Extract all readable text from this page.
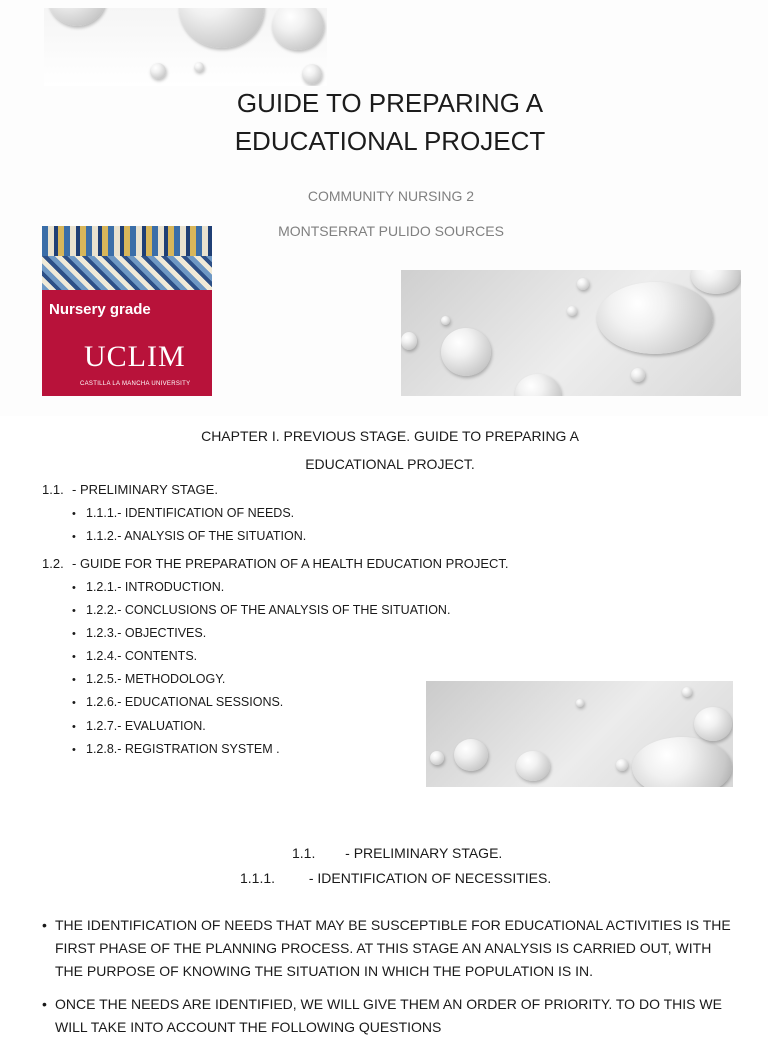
GUIDE TO PREPARING A
EDUCATIONAL PROJECT
COMMUNITY NURSING 2
MONTSERRAT PULIDO SOURCES
Nursery grade
UCLIM
CASTILLA LA MANCHA UNIVERSITY
CHAPTER I. PREVIOUS STAGE. GUIDE TO PREPARING A
EDUCATIONAL PROJECT.
1.1. - PRELIMINARY STAGE.
• 1.1.1.- IDENTIFICATION OF NEEDS.
• 1.1.2.- ANALYSIS OF THE SITUATION.
1.2. - GUIDE FOR THE PREPARATION OF A HEALTH EDUCATION PROJECT.
• 1.2.1.- INTRODUCTION.
• 1.2.2.- CONCLUSIONS OF THE ANALYSIS OF THE SITUATION.
• 1.2.3.- OBJECTIVES.
• 1.2.4.- CONTENTS.
• 1.2.5.- METHODOLOGY.
• 1.2.6.- EDUCATIONAL SESSIONS.
• 1.2.7.- EVALUATION.
• 1.2.8.- REGISTRATION SYSTEM .
1.1. - PRELIMINARY STAGE.
1.1.1. - IDENTIFICATION OF NECESSITIES.
• THE IDENTIFICATION OF NEEDS THAT MAY BE SUSCEPTIBLE FOR EDUCATIONAL ACTIVITIES IS THE FIRST PHASE OF THE PLANNING PROCESS. AT THIS STAGE AN ANALYSIS IS CARRIED OUT, WITH THE PURPOSE OF KNOWING THE SITUATION IN WHICH THE POPULATION IS IN.
• ONCE THE NEEDS ARE IDENTIFIED, WE WILL GIVE THEM AN ORDER OF PRIORITY. TO DO THIS WE WILL TAKE INTO ACCOUNT THE FOLLOWING QUESTIONS
